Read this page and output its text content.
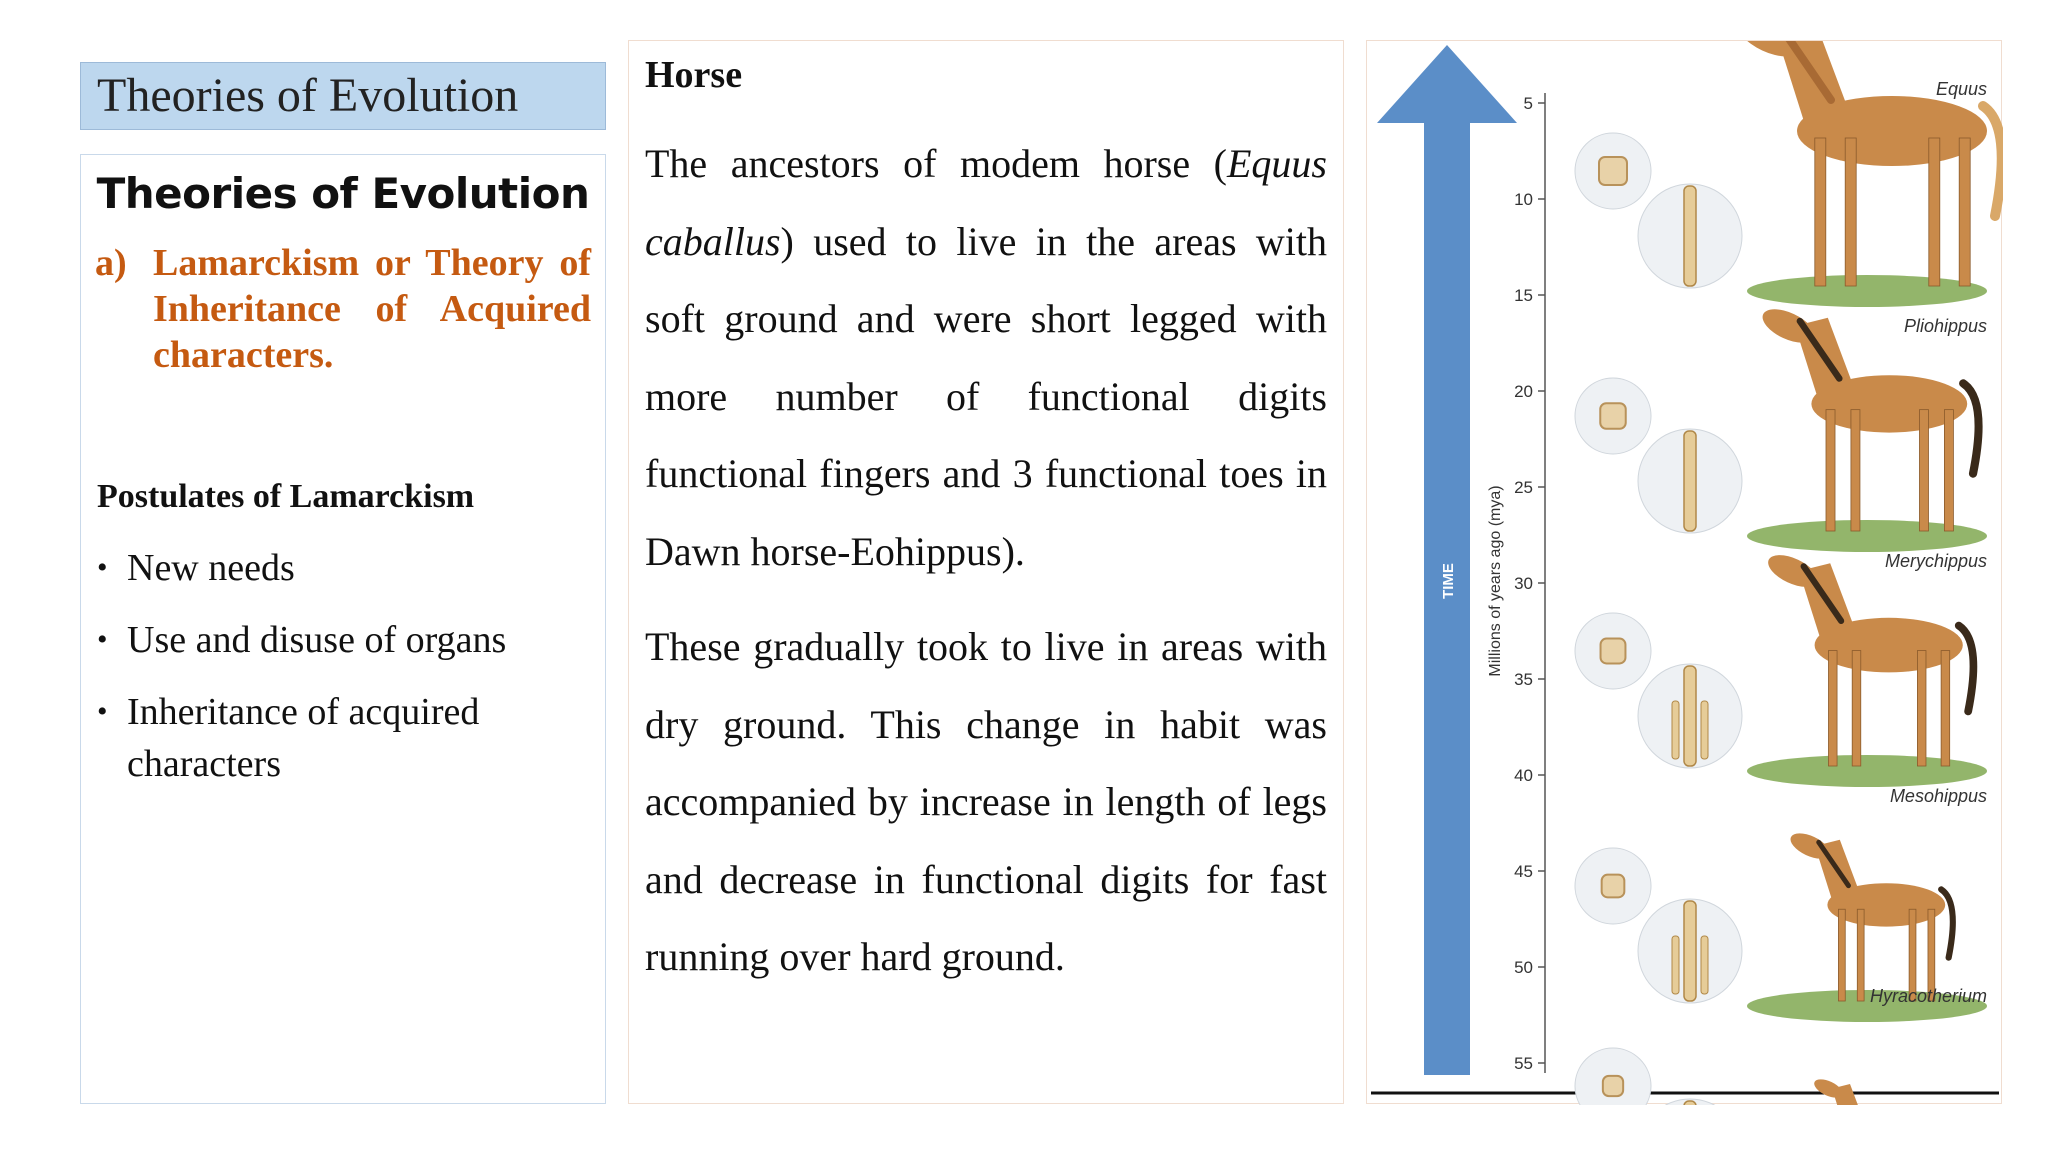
Theories of Evolution
Theories of Evolution
a) Lamarckism or Theory of Inheritance of Acquired characters.
Postulates of Lamarckism
• New needs
• Use and disuse of organs
• Inheritance of acquired characters
Horse

The ancestors of modem horse (Equus caballus) used to live in the areas with soft ground and were short legged with more number of functional digits functional fingers and 3 functional toes in Dawn horse-Eohippus).

These gradually took to live in areas with dry ground. This change in habit was accompanied by increase in length of legs and decrease in functional digits for fast running over hard ground.

TIME Millions of years ago (mya)
5
10
15
20
25
30
35
40
45
50
55
Equus
Pliohippus
Merychippus
Mesohippus
Hyracotherium
